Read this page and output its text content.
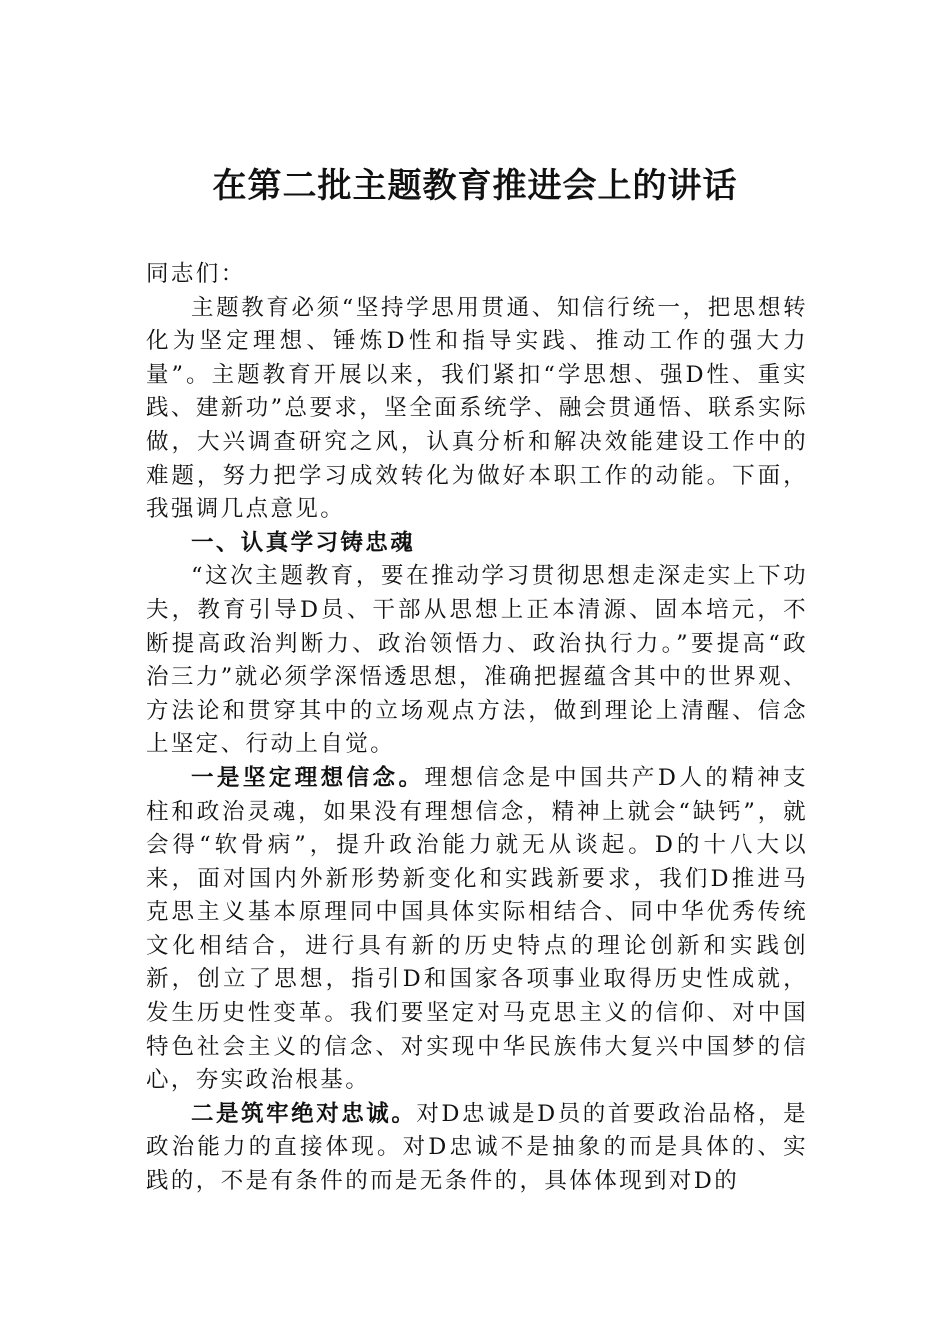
在第二批主题教育推进会上的讲话

同志们：

主题教育必须“坚持学思用贯通、知信行统一，把思想转化为坚定理想、锤炼D性和指导实践、推动工作的强大力量”。主题教育开展以来，我们紧扣“学思想、强D性、重实践、建新功”总要求，坚全面系统学、融会贯通悟、联系实际做，大兴调查研究之风，认真分析和解决效能建设工作中的难题，努力把学习成效转化为做好本职工作的动能。下面，我强调几点意见。

一、认真学习铸忠魂

“这次主题教育，要在推动学习贯彻思想走深走实上下功夫，教育引导D员、干部从思想上正本清源、固本培元，不断提高政治判断力、政治领悟力、政治执行力。”要提高“政治三力”就必须学深悟透思想，准确把握蕴含其中的世界观、方法论和贯穿其中的立场观点方法，做到理论上清醒、信念上坚定、行动上自觉。

一是坚定理想信念。理想信念是中国共产D人的精神支柱和政治灵魂，如果没有理想信念，精神上就会“缺钙”，就会得“软骨病”，提升政治能力就无从谈起。D的十八大以来，面对国内外新形势新变化和实践新要求，我们D推进马克思主义基本原理同中国具体实际相结合、同中华优秀传统文化相结合，进行具有新的历史特点的理论创新和实践创新，创立了思想，指引D和国家各项事业取得历史性成就，发生历史性变革。我们要坚定对马克思主义的信仰、对中国特色社会主义的信念、对实现中华民族伟大复兴中国梦的信心，夯实政治根基。

二是筑牢绝对忠诚。对D忠诚是D员的首要政治品格，是政治能力的直接体现。对D忠诚不是抽象的而是具体的、实践的，不是有条件的而是无条件的，具体体现到对D的
